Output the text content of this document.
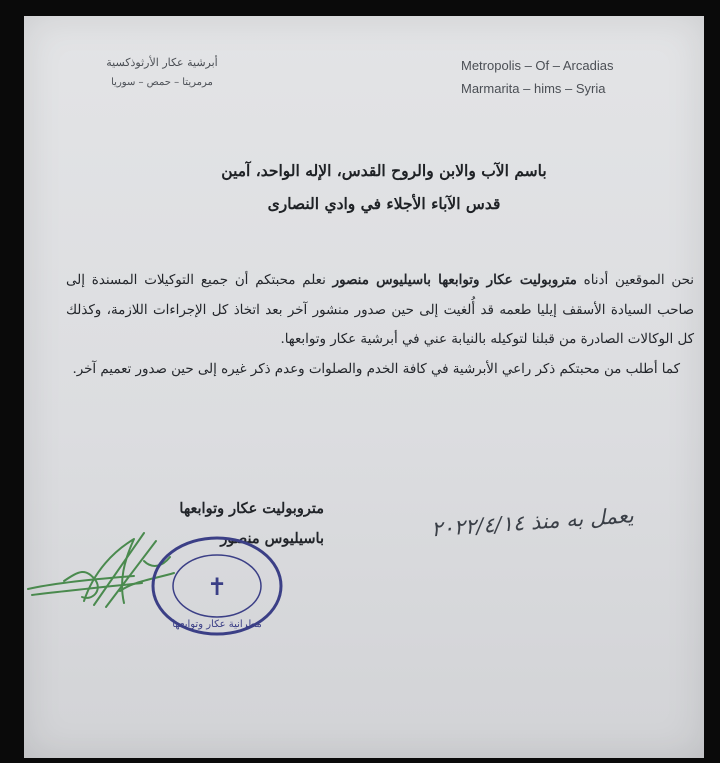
أبرشية عكار الأرثوذكسية
مرمريتا – حمص – سوريا
Metropolis – Of – Arcadias
Marmarita – hims – Syria
باسم الآب والابن والروح القدس، الإله الواحد، آمين
قدس الآباء الأجلاء في وادي النصارى

نحن الموقعين أدناه متروبوليت عكار وتوابعها باسيليوس منصور نعلم محبتكم أن جميع التوكيلات المسندة إلى صاحب السيادة الأسقف إيليا طعمه قد أُلغيت إلى حين صدور منشور آخر بعد اتخاذ كل الإجراءات اللازمة، وكذلك كل الوكالات الصادرة من قبلنا لتوكيله بالنيابة عني في أبرشية عكار وتوابعها.

كما أطلب من محبتكم ذكر راعي الأبرشية في كافة الخدم والصلوات وعدم ذكر غيره إلى حين صدور تعميم آخر.

متروبوليت عكار وتوابعها
باسيليوس منصور	يعمل به منذ ٢٠٢٢/٤/١٤
✝
مطرانية عكار وتوابعها
